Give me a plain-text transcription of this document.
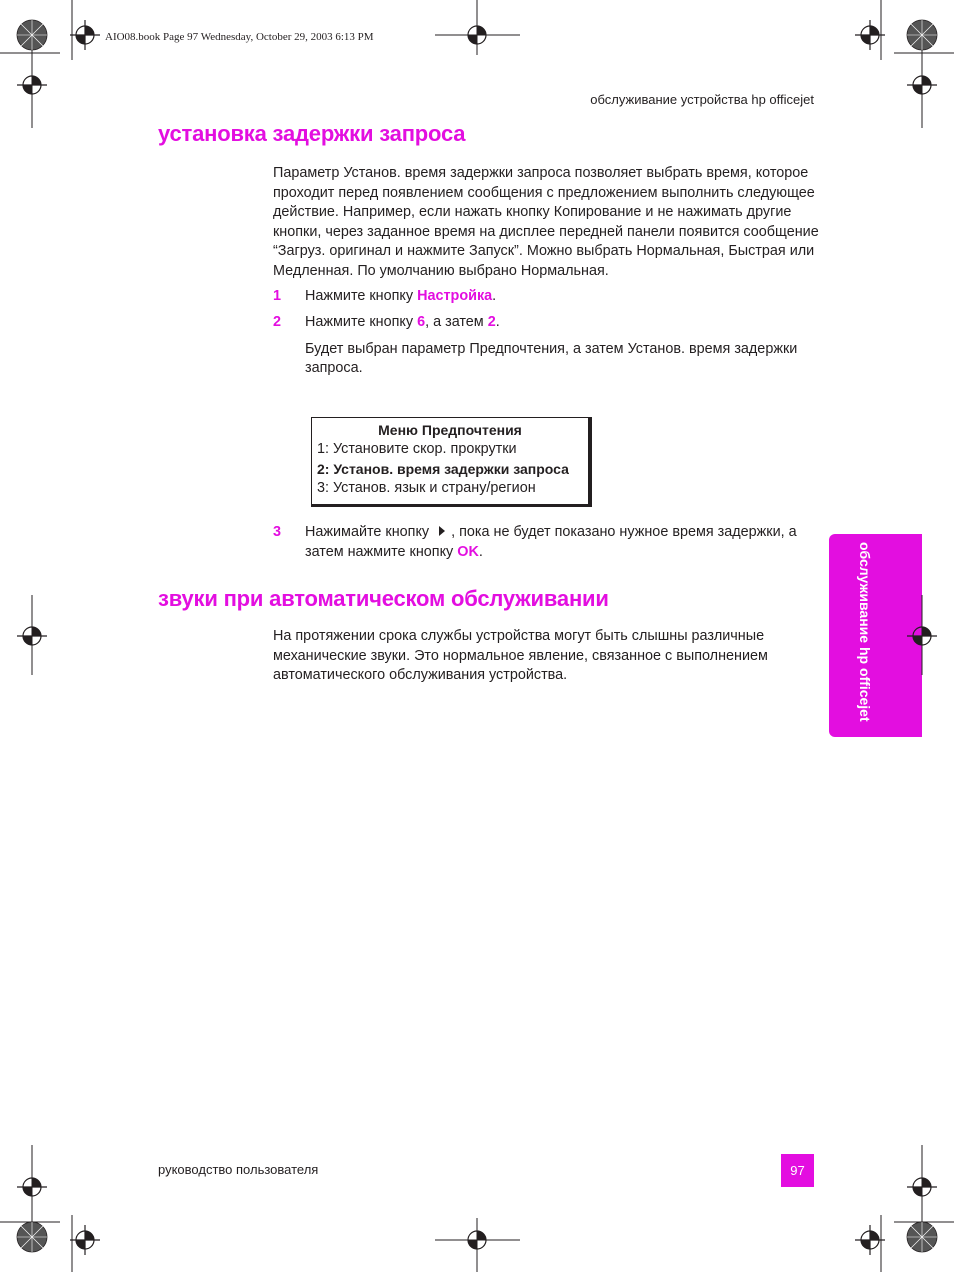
AIO08.book Page 97 Wednesday, October 29, 2003 6:13 PM
обслуживание устройства hp officejet
установка задержки запроса

Параметр Установ. время задержки запроса позволяет выбрать время, которое проходит перед появлением сообщения с предложением выполнить следующее действие. Например, если нажать кнопку Копирование и не нажимать другие кнопки, через заданное время на дисплее передней панели появится сообщение “Загруз. оригинал и нажмите Запуск”. Можно выбрать Нормальная, Быстрая или Медленная. По умолчанию выбрано Нормальная.

1 Нажмите кнопку Настройка.
2 Нажмите кнопку 6, а затем 2.
Будет выбран параметр Предпочтения, а затем Установ. время задержки запроса.
Меню Предпочтения
1: Установите скор. прокрутки
2: Установ. время задержки запроса
3: Установ. язык и страну/регион
3 Нажимайте кнопку , пока не будет показано нужное время задержки, а затем нажмите кнопку OK.
звуки при автоматическом обслуживании

На протяжении срока службы устройства могут быть слышны различные механические звуки. Это нормальное явление, связанное с выполнением автоматического обслуживания устройства.	обслуживание hp officejet
руководство пользователя	97
